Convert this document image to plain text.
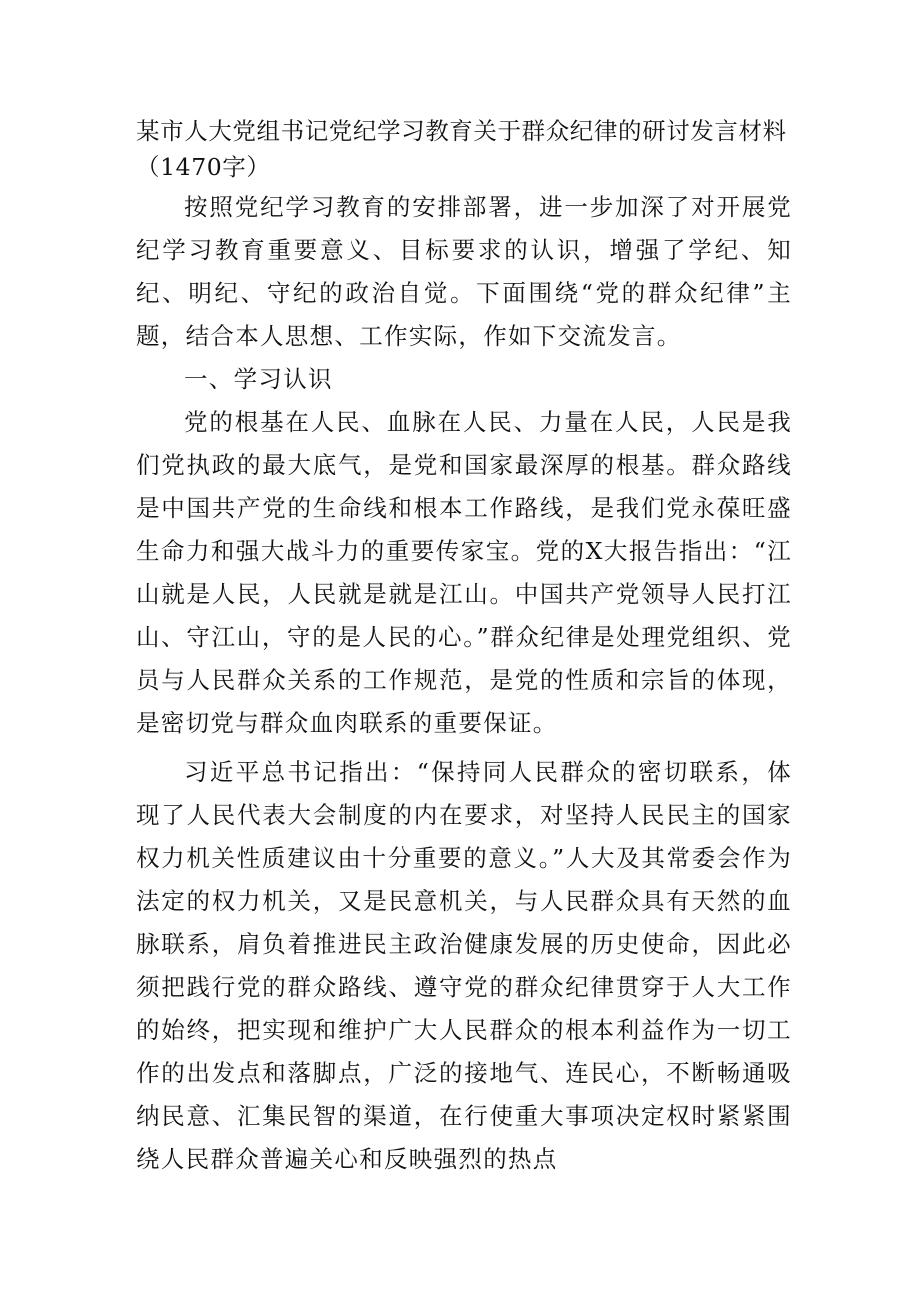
某市人大党组书记党纪学习教育关于群众纪律的研讨发言材料（1470字）

按照党纪学习教育的安排部署，进一步加深了对开展党纪学习教育重要意义、目标要求的认识，增强了学纪、知纪、明纪、守纪的政治自觉。下面围绕“党的群众纪律”主题，结合本人思想、工作实际，作如下交流发言。

一、学习认识

党的根基在人民、血脉在人民、力量在人民，人民是我们党执政的最大底气，是党和国家最深厚的根基。群众路线是中国共产党的生命线和根本工作路线，是我们党永葆旺盛生命力和强大战斗力的重要传家宝。党的X大报告指出：“江山就是人民，人民就是就是江山。中国共产党领导人民打江山、守江山，守的是人民的心。”群众纪律是处理党组织、党员与人民群众关系的工作规范，是党的性质和宗旨的体现，是密切党与群众血肉联系的重要保证。

习近平总书记指出：“保持同人民群众的密切联系，体现了人民代表大会制度的内在要求，对坚持人民民主的国家权力机关性质建议由十分重要的意义。”人大及其常委会作为法定的权力机关，又是民意机关，与人民群众具有天然的血脉联系，肩负着推进民主政治健康发展的历史使命，因此必须把践行党的群众路线、遵守党的群众纪律贯穿于人大工作的始终，把实现和维护广大人民群众的根本利益作为一切工作的出发点和落脚点，广泛的接地气、连民心，不断畅通吸纳民意、汇集民智的渠道，在行使重大事项决定权时紧紧围绕人民群众普遍关心和反映强烈的热点
